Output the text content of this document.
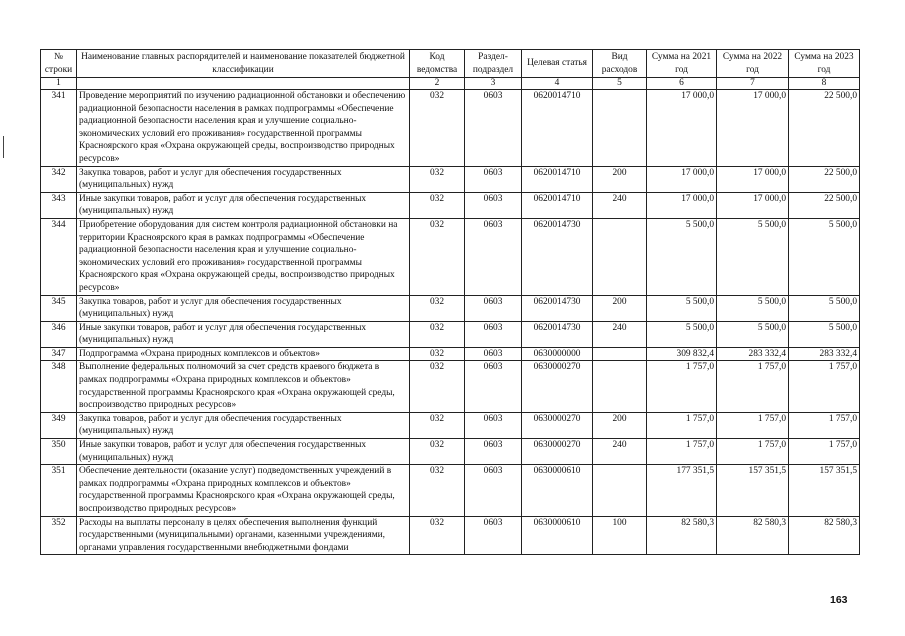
№ строки	Наименование главных распорядителей и наименование показателей бюджетной классификации	Код ведомства	Раздел- подраздел	Целевая статья	Вид расходов	Сумма на 2021 год	Сумма на 2022 год	Сумма на 2023 год
1		2	3	4	5	6	7	8
341	Проведение мероприятий по изучению радиационной обстановки и обеспечению радиационной безопасности населения в рамках подпрограммы «Обеспечение радиационной безопасности населения края и улучшение социально-экономических условий его проживания» государственной программы Красноярского края «Охрана окружающей среды, воспроизводство природных ресурсов»	032	0603	0620014710		17 000,0	17 000,0	22 500,0
342	Закупка товаров, работ и услуг для обеспечения государственных (муниципальных) нужд	032	0603	0620014710	200	17 000,0	17 000,0	22 500,0
343	Иные закупки товаров, работ и услуг для обеспечения государственных (муниципальных) нужд	032	0603	0620014710	240	17 000,0	17 000,0	22 500,0
344	Приобретение оборудования для систем контроля радиационной обстановки на территории Красноярского края в рамках подпрограммы «Обеспечение радиационной безопасности населения края и улучшение социально-экономических условий его проживания» государственной программы Красноярского края «Охрана окружающей среды, воспроизводство природных ресурсов»	032	0603	0620014730		5 500,0	5 500,0	5 500,0
345	Закупка товаров, работ и услуг для обеспечения государственных (муниципальных) нужд	032	0603	0620014730	200	5 500,0	5 500,0	5 500,0
346	Иные закупки товаров, работ и услуг для обеспечения государственных (муниципальных) нужд	032	0603	0620014730	240	5 500,0	5 500,0	5 500,0
347	Подпрограмма «Охрана природных комплексов и объектов»	032	0603	0630000000		309 832,4	283 332,4	283 332,4
348	Выполнение федеральных полномочий за счет средств краевого бюджета в рамках подпрограммы «Охрана природных комплексов и объектов» государственной программы Красноярского края «Охрана окружающей среды, воспроизводство природных ресурсов»	032	0603	0630000270		1 757,0	1 757,0	1 757,0
349	Закупка товаров, работ и услуг для обеспечения государственных (муниципальных) нужд	032	0603	0630000270	200	1 757,0	1 757,0	1 757,0
350	Иные закупки товаров, работ и услуг для обеспечения государственных (муниципальных) нужд	032	0603	0630000270	240	1 757,0	1 757,0	1 757,0
351	Обеспечение деятельности (оказание услуг) подведомственных учреждений в рамках подпрограммы «Охрана природных комплексов и объектов» государственной программы Красноярского края «Охрана окружающей среды, воспроизводство природных ресурсов»	032	0603	0630000610		177 351,5	157 351,5	157 351,5
352	Расходы на выплаты персоналу в целях обеспечения выполнения функций государственными (муниципальными) органами, казенными учреждениями, органами управления государственными внебюджетными фондами	032	0603	0630000610	100	82 580,3	82 580,3	82 580,3
163
